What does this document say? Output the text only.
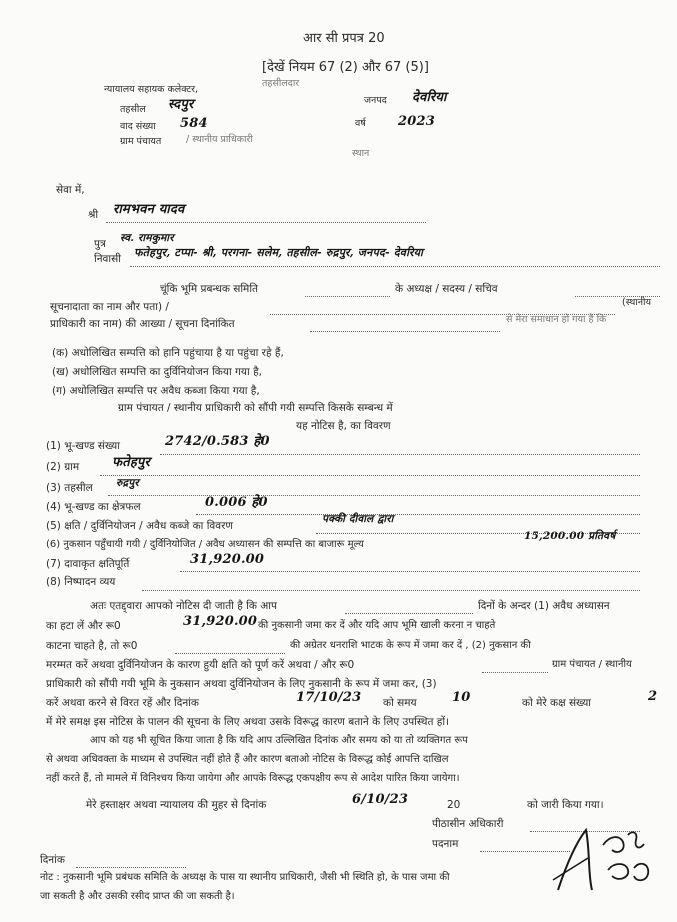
आर सी प्रपत्र 20
[देखें नियम 67 (2) और 67 (5)]
न्यायालय सहायक कलेक्टर,
तहसीलदार
तहसील स्दपुर
वाद संख्या 584
ग्राम पंचायत	/ स्थानीय प्राधिकारी
जनपद देवरिया
वर्ष 2023
स्थान
सेवा में,
श्री रामभवन यादव
पुत्र स्व. रामकुमार
निवासी फतेहपुर, टप्पा- श्री, परगना- सलेम, तहसील- रुद्रपुर, जनपद- देवरिया
चूंकि भूमि प्रबन्धक समिति	के अध्यक्ष / सदस्य / सचिव
सूचनादाता का नाम और पता) /	(स्थानीय
प्राधिकारी का नाम) की आख्या / सूचना दिनांकित	से मेरा समाधान हो गया है कि
(क) अधोलिखित सम्पत्ति को हानि पहुंचाया है या पहुंचा रहे हैं,
(ख) अधोलिखित सम्पत्ति का दुर्विनियोजन किया गया है,
(ग) अधोलिखित सम्पत्ति पर अवैध कब्जा किया गया है,
ग्राम पंचायत / स्थानीय प्राधिकारी को सौंपी गयी सम्पत्ति किसके सम्बन्ध में
यह नोटिस है, का विवरण
(1) भू-खण्ड संख्या	2742/0.583 हे0
(2) ग्राम	फतेहपुर
(3) तहसील रुद्रपुर
(4) भू-खण्ड का क्षेत्रफल	0.006 हे0
(5) क्षति / दुर्विनियोजन / अवैध कब्जे का विवरण
पक्की दीवाल द्वारा
(6) नुकसान पहुँचायी गयी / दुर्विनियोजित / अवैध अध्यासन की सम्पत्ति का बाजारू मूल्य
15,200.00 प्रतिवर्ष
(7) दावाकृत क्षतिपूर्ति	31,920.00
(8) निष्पादन व्यय
अतः एतद्द्वारा आपको नोटिस दी जाती है कि आप	दिनों के अन्दर (1) अवैध अध्यासन
का हटा लें और रू0	31,920.00 की नुकसानी जमा कर दें और यदि आप भूमि खाली करना न चाहते
काटना चाहते है, तो रू0	की अग्रेतर धनराशि भाटक के रूप में जमा कर दें , (2) नुकसान की
मरम्मत करें अथवा दुर्विनियोजन के कारण हुयी क्षति को पूर्ण करें अथवा / और रू0	ग्राम पंचायत / स्थानीय
प्राधिकारी को सौंपी गयी भूमि के नुकसान अथवा दुर्विनियोजन के लिए नुकसानी के रूप में जमा कर, (3)
करें अथवा करने से विरत रहें और दिनांक	17/10/23 को समय	10	को मेरे कक्ष संख्या	2
में मेरे समक्ष इस नोटिस के पालन की सूचना के लिए अथवा उसके विरूद्ध कारण बताने के लिए उपस्थित हों।
आप को यह भी सूचित किया जाता है कि यदि आप उल्लिखित दिनांक और समय को या तो व्यक्तिगत रूप
से अथवा अधिवक्ता के माध्यम से उपस्थित नहीं होते हैं और कारण बताओ नोटिस के विरूद्ध कोई आपत्ति दाखिल
नहीं करते हैं, तो मामले में विनिश्चय किया जायेगा और आपके विरूद्ध एकपक्षीय रूप से आदेश पारित किया जायेगा।
मेरे हस्ताक्षर अथवा न्यायालय की मुहर से दिनांक	6/10/23	20	को जारी किया गया।
पीठासीन अधिकारी
पदनाम
दिनांक
नोट : नुकसानी भूमि प्रबंधक समिति के अध्यक्ष के पास या स्थानीय प्राधिकारी, जैसी भी स्थिति हो, के पास जमा की
जा सकती है और उसकी रसीद प्राप्त की जा सकती है।
